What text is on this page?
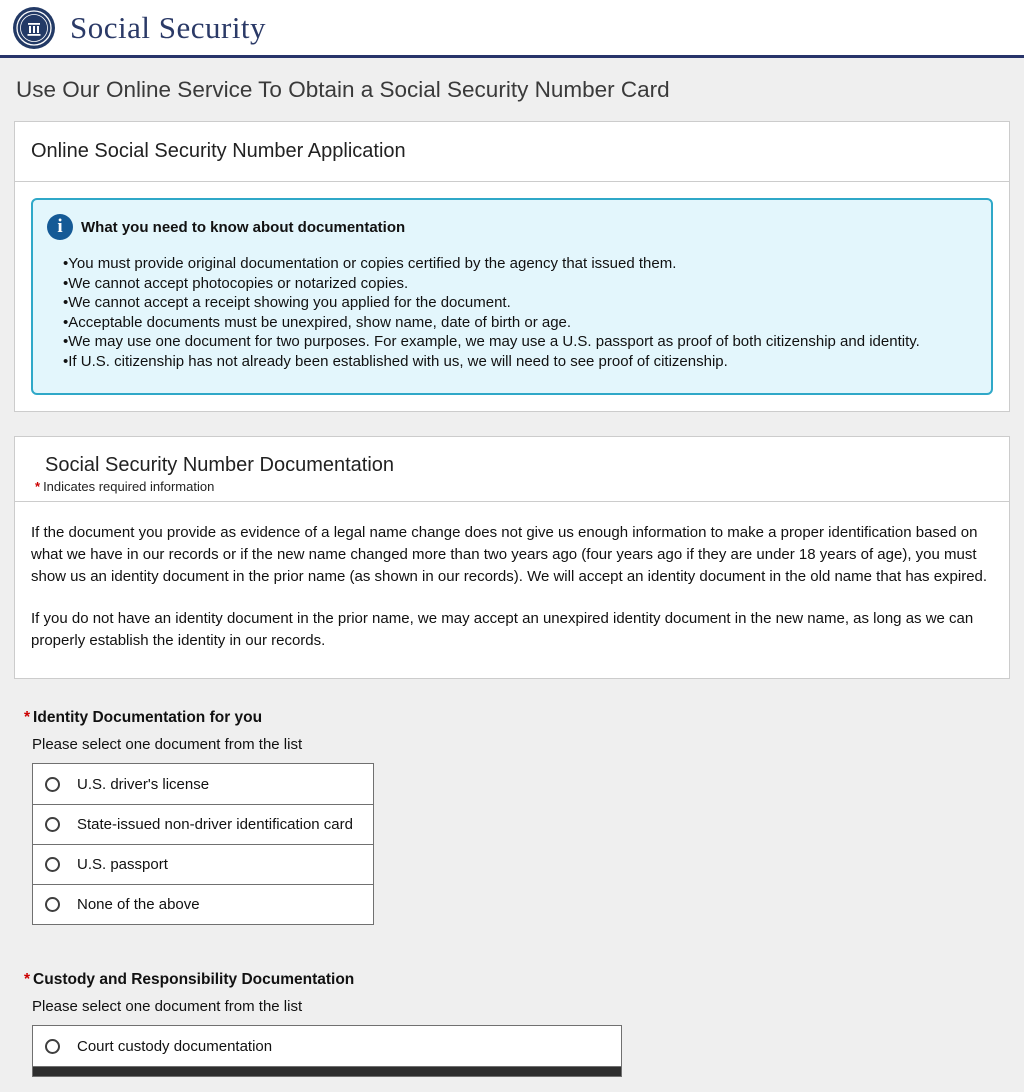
Social Security
Use Our Online Service To Obtain a Social Security Number Card
Online Social Security Number Application
i	What you need to know about documentation
• You must provide original documentation or copies certified by the agency that issued them.
• We cannot accept photocopies or notarized copies.
• We cannot accept a receipt showing you applied for the document.
• Acceptable documents must be unexpired, show name, date of birth or age.
• We may use one document for two purposes. For example, we may use a U.S. passport as proof of both citizenship and identity.
• If U.S. citizenship has not already been established with us, we will need to see proof of citizenship.
Social Security Number Documentation
* Indicates required information

If the document you provide as evidence of a legal name change does not give us enough information to make a proper identification based on what we have in our records or if the new name changed more than two years ago (four years ago if they are under 18 years of age), you must show us an identity document in the prior name (as shown in our records). We will accept an identity document in the old name that has expired.

If you do not have an identity document in the prior name, we may accept an unexpired identity document in the new name, as long as we can properly establish the identity in our records.

* Identity Documentation for you
Please select one document from the list
U.S. driver's license
State-issued non-driver identification card
U.S. passport
None of the above
* Custody and Responsibility Documentation
Please select one document from the list
Court custody documentation
